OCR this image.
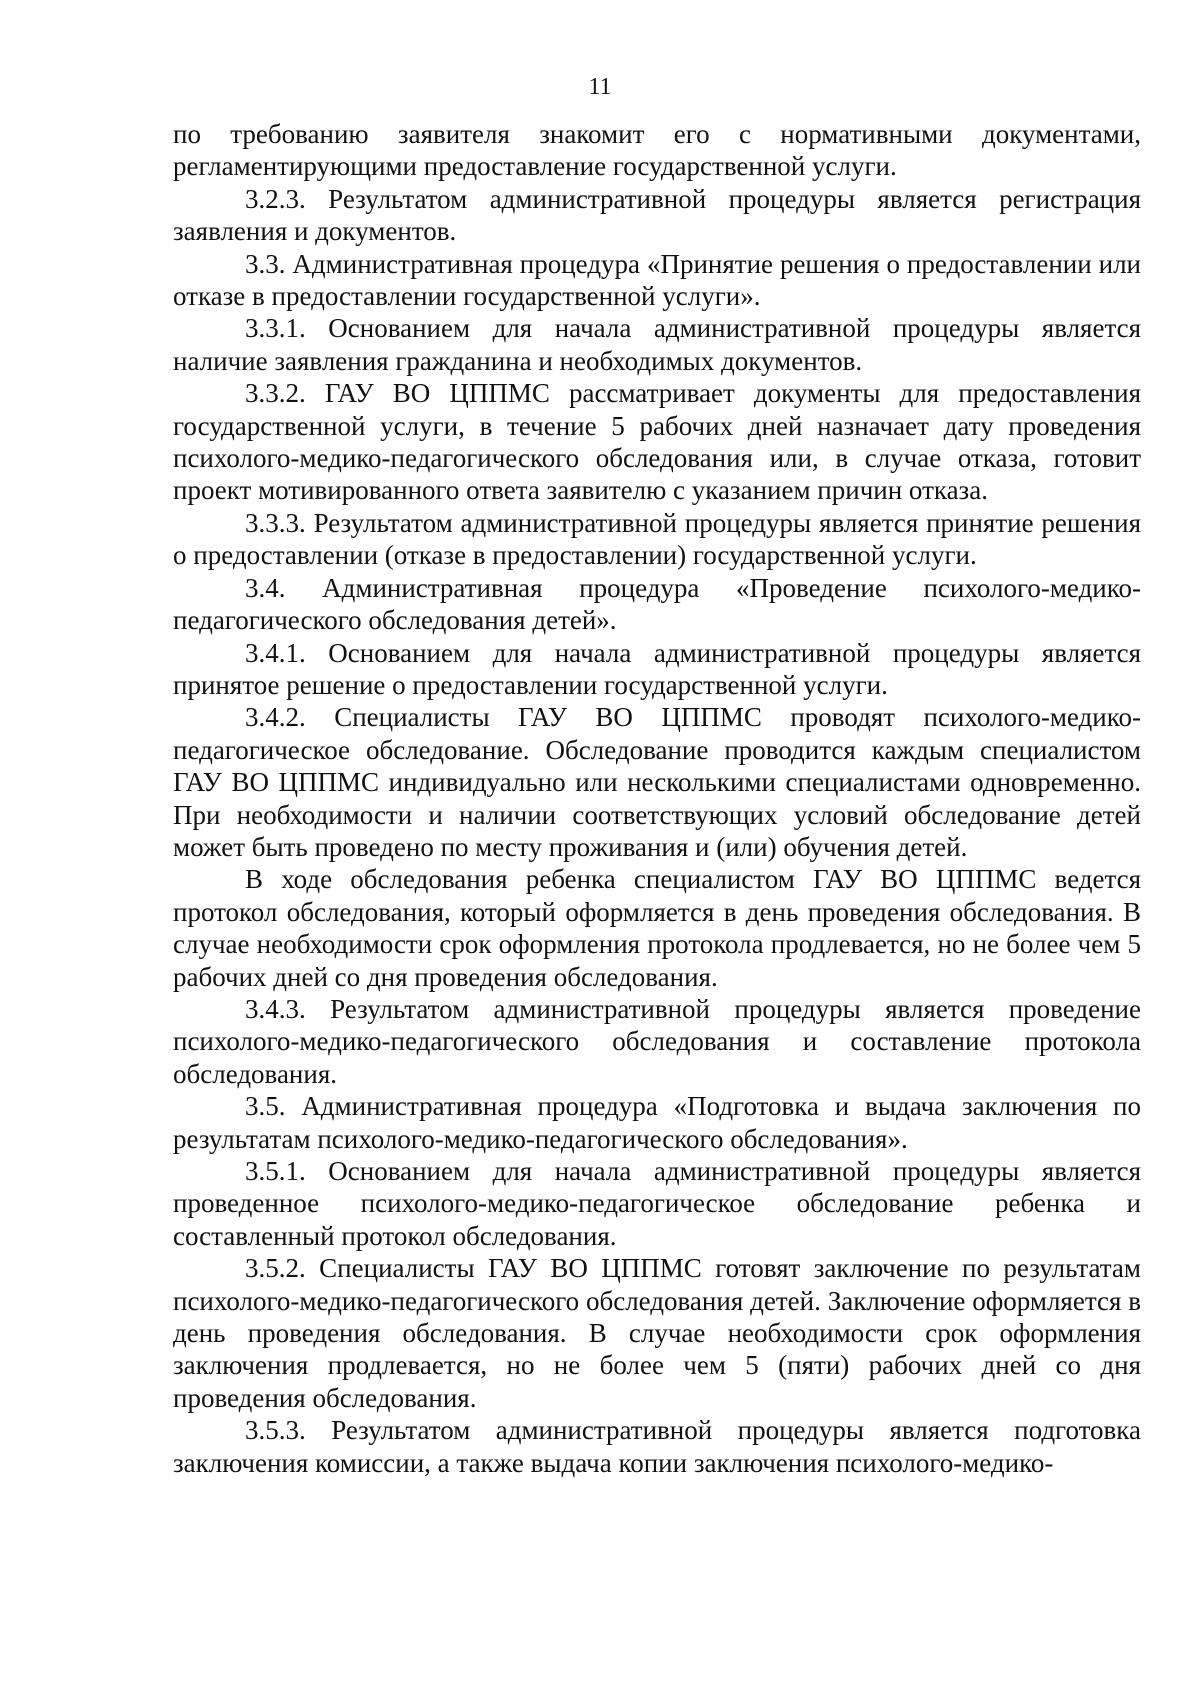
11

по требованию заявителя знакомит его с нормативными документами, регламентирующими предоставление государственной услуги.

3.2.3. Результатом административной процедуры является регистрация заявления и документов.

3.3. Административная процедура «Принятие решения о предоставлении или отказе в предоставлении государственной услуги».

3.3.1. Основанием для начала административной процедуры является наличие заявления гражданина и необходимых документов.

3.3.2. ГАУ ВО ЦППМС рассматривает документы для предоставления государственной услуги, в течение 5 рабочих дней назначает дату проведения психолого-медико-педагогического обследования или, в случае отказа, готовит проект мотивированного ответа заявителю с указанием причин отказа.

3.3.3. Результатом административной процедуры является принятие решения о предоставлении (отказе в предоставлении) государственной услуги.

3.4. Административная процедура «Проведение психолого-медико-педагогического обследования детей».

3.4.1. Основанием для начала административной процедуры является принятое решение о предоставлении государственной услуги.

3.4.2. Специалисты ГАУ ВО ЦППМС проводят психолого-медико-педагогическое обследование. Обследование проводится каждым специалистом ГАУ ВО ЦППМС индивидуально или несколькими специалистами одновременно. При необходимости и наличии соответствующих условий обследование детей может быть проведено по месту проживания и (или) обучения детей.

В ходе обследования ребенка специалистом ГАУ ВО ЦППМС ведется протокол обследования, который оформляется в день проведения обследования. В случае необходимости срок оформления протокола продлевается, но не более чем 5 рабочих дней со дня проведения обследования.

3.4.3. Результатом административной процедуры является проведение психолого-медико-педагогического обследования и составление протокола обследования.

3.5. Административная процедура «Подготовка и выдача заключения по результатам психолого-медико-педагогического обследования».

3.5.1. Основанием для начала административной процедуры является проведенное психолого-медико-педагогическое обследование ребенка и составленный протокол обследования.

3.5.2. Специалисты ГАУ ВО ЦППМС готовят заключение по результатам психолого-медико-педагогического обследования детей. Заключение оформляется в день проведения обследования. В случае необходимости срок оформления заключения продлевается, но не более чем 5 (пяти) рабочих дней со дня проведения обследования.

3.5.3. Результатом административной процедуры является подготовка заключения комиссии, а также выдача копии заключения психолого-медико-
